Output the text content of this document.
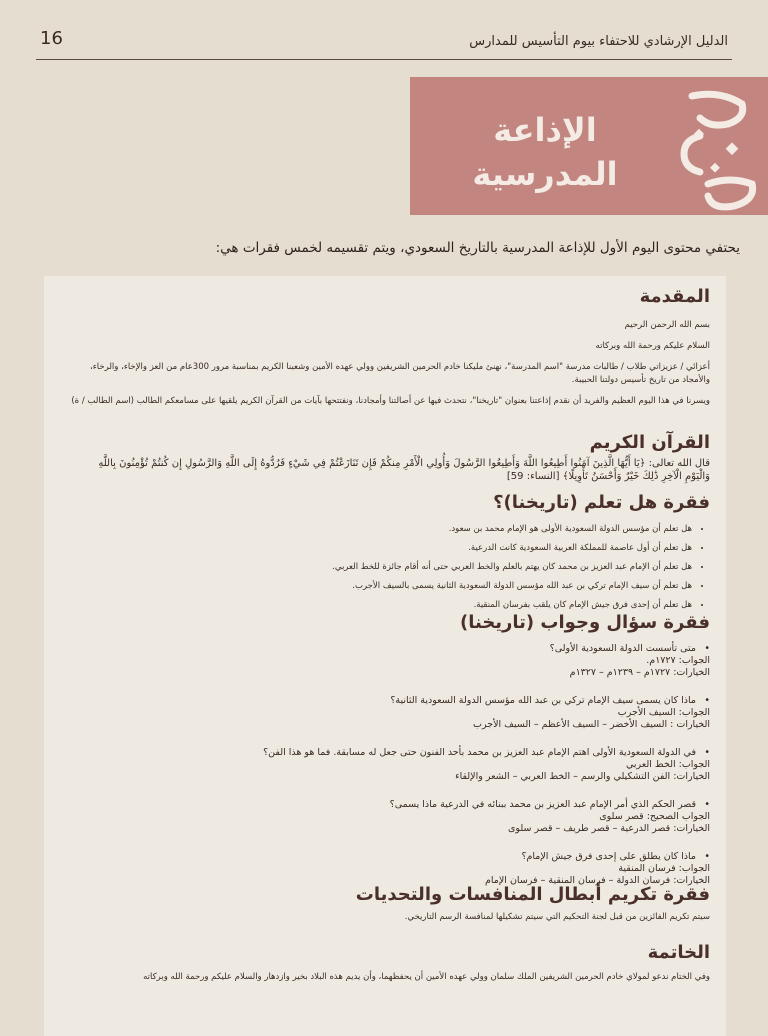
16	الدليل الإرشادي للاحتفاء بيوم التأسيس للمدارس
الإذاعة
المدرسية
يحتفي محتوى اليوم الأول للإذاعة المدرسية بالتاريخ السعودي، ويتم تقسيمه لخمس فقرات هي:
المقدمة

بسم الله الرحمن الرحيم

السلام عليكم ورحمة الله وبركاته

أعزائي / عزيزاتي طلاب / طالبات مدرسة "اسم المدرسة"، نهنئ مليكنا خادم الحرمين الشريفين وولي عهده الأمين وشعبنا الكريم بمناسبة مرور 300عام من العز والإخاء، والرخاء، والأمجاد من تاريخ تأسيس دولتنا الحبيبة.

ويسرنا في هذا اليوم العظيم والفريد أن نقدم إذاعتنا بعنوان "تاريخنا"، نتحدث فيها عن أصالتنا وأمجادنا، ونفتتحها بآيات من القرآن الكريم يلقيها على مسامعكم الطالب (اسم الطالب / ة)

القرآن الكريم
قال الله تعالى: ﴿يَا أَيُّهَا الَّذِينَ آمَنُوا أَطِيعُوا اللَّهَ وَأَطِيعُوا الرَّسُولَ وَأُولِي الْأَمْرِ مِنكُمْ فَإِن تَنَازَعْتُمْ فِي شَيْءٍ فَرُدُّوهُ إِلَى اللَّهِ وَالرَّسُولِ إِن كُنتُمْ تُؤْمِنُونَ بِاللَّهِ وَالْيَوْمِ الْآخِرِ ذَٰلِكَ خَيْرٌ وَأَحْسَنُ تَأْوِيلًا﴾ [النساء: 59]
فقرة هل تعلم (تاريخنا)؟
• هل تعلم أن مؤسس الدولة السعودية الأولى هو الإمام محمد بن سعود.
• هل تعلم أن أول عاصمة للمملكة العربية السعودية كانت الدرعية.
• هل تعلم أن الإمام عبد العزيز بن محمد كان يهتم بالعلم والخط العربي حتى أنه أقام جائزة للخط العربي.
• هل تعلم أن سيف الإمام تركي بن عبد الله مؤسس الدولة السعودية الثانية يسمى بالسيف الأجرب.
• هل تعلم أن إحدى فرق جيش الإمام كان يلقب بفرسان المنقية.
فقرة سؤال وجواب (تاريخنا)

• متى تأسست الدولة السعودية الأولى؟

الجواب: ١٧٢٧م.

الخيارات: ١٧٢٧م – ١٢٣٩م – ١٣٢٧م

• ماذا كان يسمى سيف الإمام تركي بن عبد الله مؤسس الدولة السعودية الثانية؟

الجواب: السيف الأجرب

الخيارات : السيف الأخضر – السيف الأعظم – السيف الأجرب

• في الدولة السعودية الأولى اهتم الإمام عبد العزيز بن محمد بأحد الفنون حتى جعل له مسابقة. فما هو هذا الفن؟

الجواب: الخط العربي

الخيارات: الفن التشكيلي والرسم – الخط العربي – الشعر والإلقاء

• قصر الحكم الذي أمر الإمام عبد العزيز بن محمد ببنائه في الدرعية ماذا يسمى؟

الجواب الصحيح: قصر سلوى

الخيارات: قصر الدرعية – قصر طريف – قصر سلوى

• ماذا كان يطلق على إحدى فرق جيش الإمام؟

الجواب: فرسان المنقية

الخيارات: فرسان الدولة – فرسان المنقية – فرسان الإمام

فقرة تكريم أبطال المنافسات والتحديات
سيتم تكريم الفائزين من قبل لجنة التحكيم التي سيتم تشكيلها لمنافسة الرسم التاريخي.
الخاتمة
وفي الختام ندعو لمولاي خادم الحرمين الشريفين الملك سلمان وولي عهده الأمين أن يحفظهما، وأن يديم هذه البلاد بخير وازدهار والسلام عليكم ورحمة الله وبركاته
